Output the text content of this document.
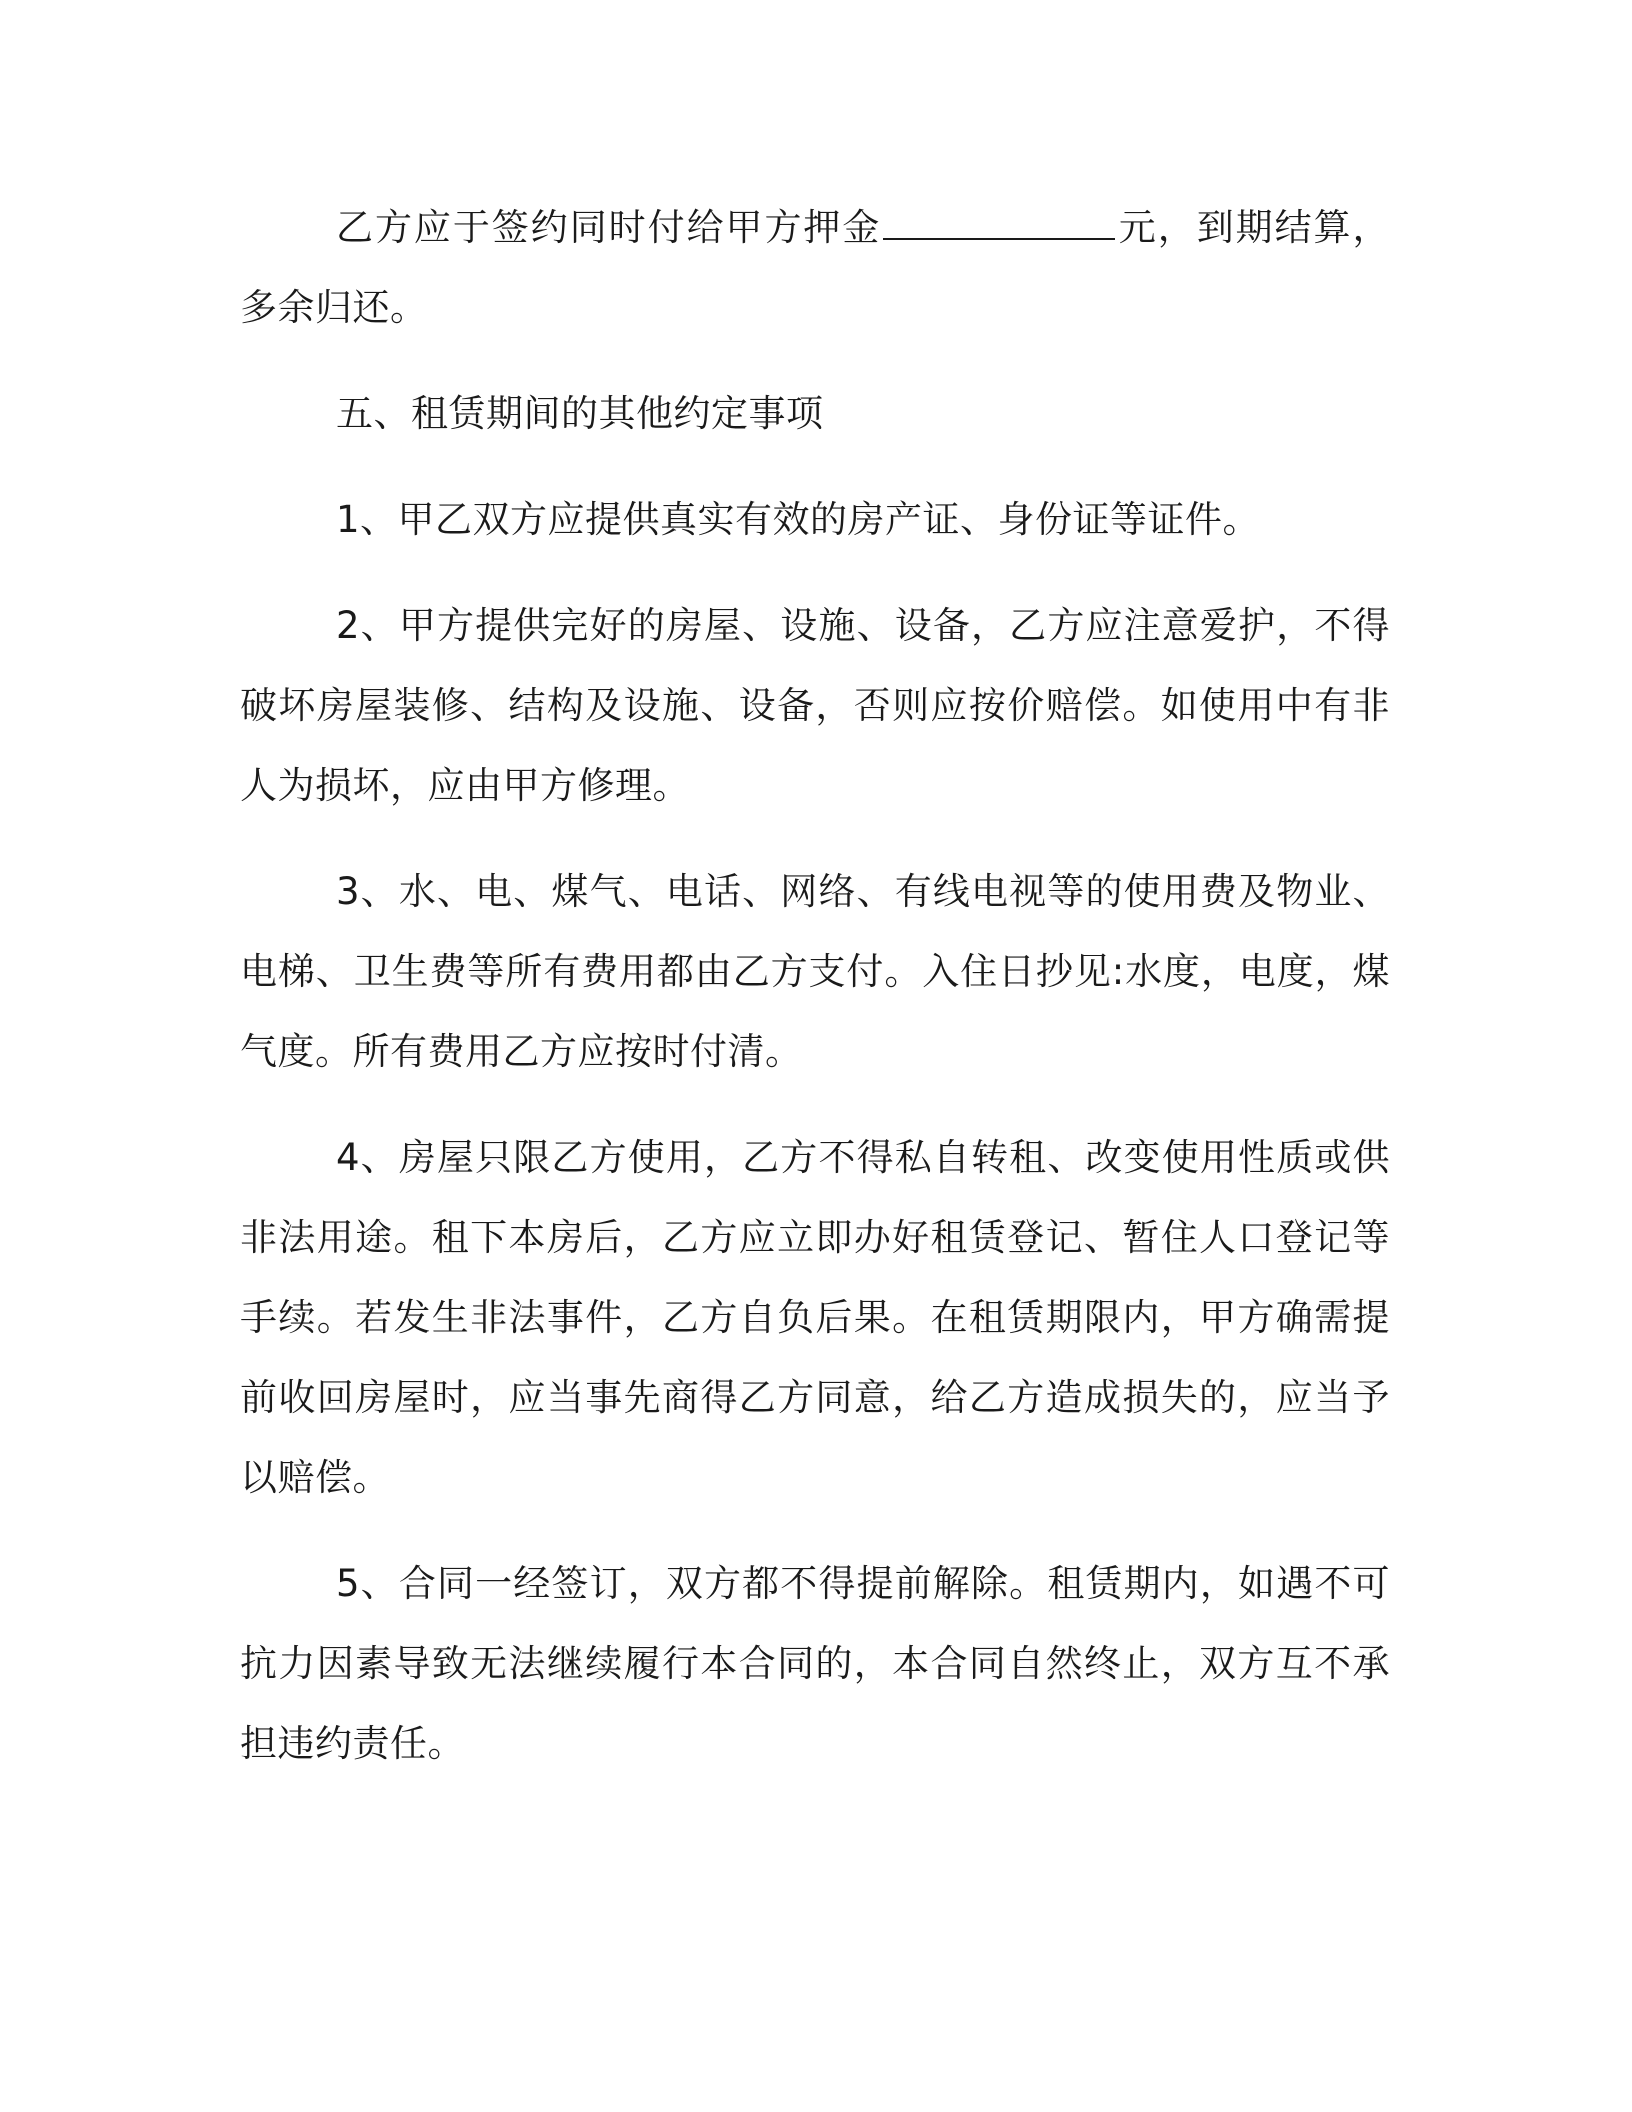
乙方应于签约同时付给甲方押金	元，到期结算，多余归还。

五、租赁期间的其他约定事项

1、甲乙双方应提供真实有效的房产证、身份证等证件。

2、甲方提供完好的房屋、设施、设备，乙方应注意爱护，不得破坏房屋装修、结构及设施、设备，否则应按价赔偿。如使用中有非人为损坏，应由甲方修理。

3、水、电、煤气、电话、网络、有线电视等的使用费及物业、电梯、卫生费等所有费用都由乙方支付。入住日抄见:水度，电度，煤气度。所有费用乙方应按时付清。

4、房屋只限乙方使用，乙方不得私自转租、改变使用性质或供非法用途。租下本房后，乙方应立即办好租赁登记、暂住人口登记等手续。若发生非法事件，乙方自负后果。在租赁期限内，甲方确需提前收回房屋时，应当事先商得乙方同意，给乙方造成损失的，应当予以赔偿。

5、合同一经签订，双方都不得提前解除。租赁期内，如遇不可抗力因素导致无法继续履行本合同的，本合同自然终止，双方互不承担违约责任。
